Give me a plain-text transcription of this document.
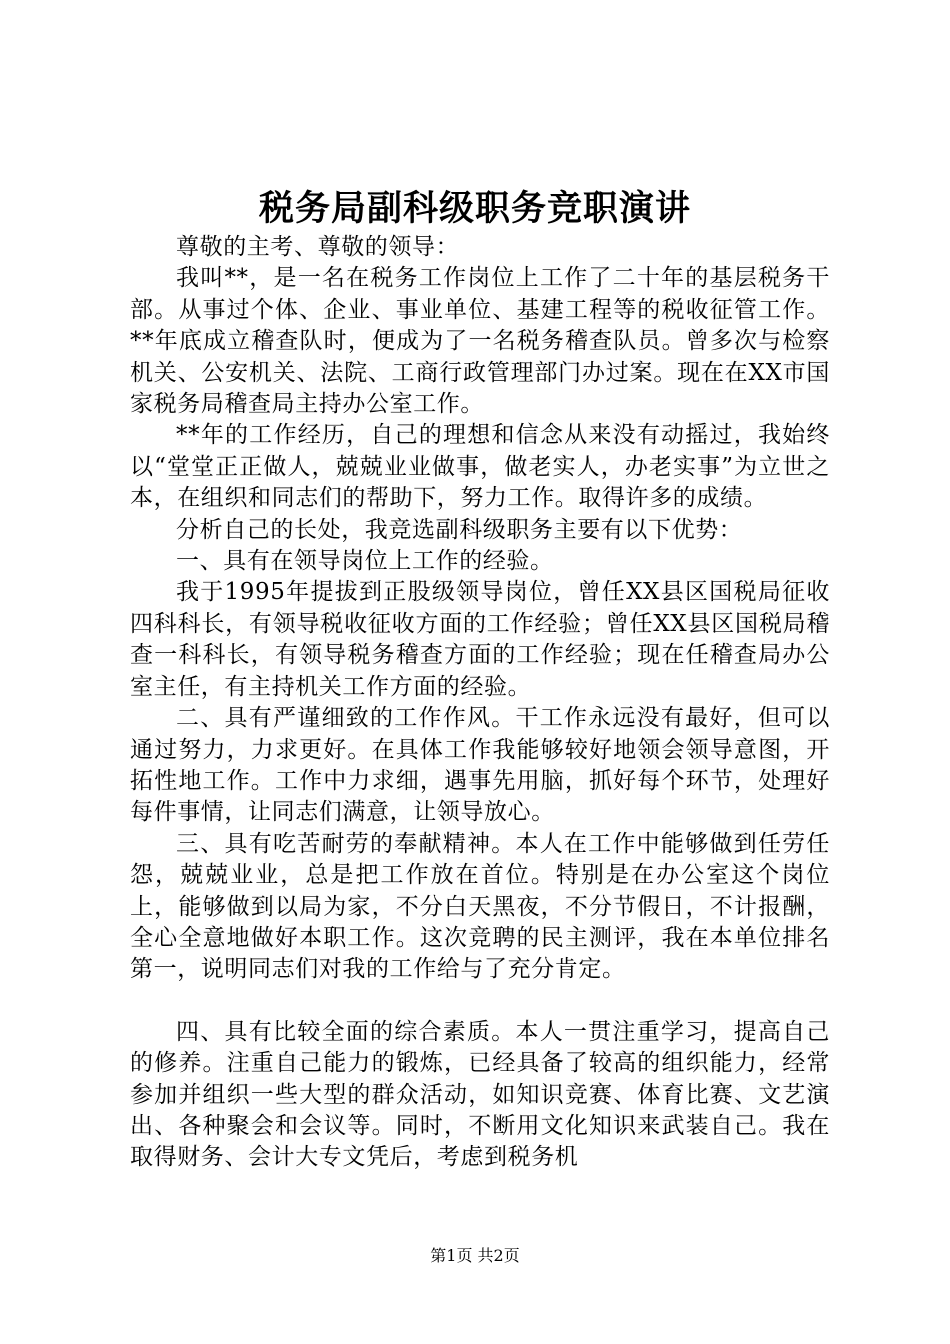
税务局副科级职务竞职演讲

尊敬的主考、尊敬的领导：

我叫**，是一名在税务工作岗位上工作了二十年的基层税务干部。从事过个体、企业、事业单位、基建工程等的税收征管工作。**年底成立稽查队时，便成为了一名税务稽查队员。曾多次与检察机关、公安机关、法院、工商行政管理部门办过案。现在在XX市国家税务局稽查局主持办公室工作。

**年的工作经历，自己的理想和信念从来没有动摇过，我始终以“堂堂正正做人，兢兢业业做事，做老实人，办老实事”为立世之本，在组织和同志们的帮助下，努力工作。取得许多的成绩。

分析自己的长处，我竞选副科级职务主要有以下优势：

一、具有在领导岗位上工作的经验。

我于1995年提拔到正股级领导岗位，曾任XX县区国税局征收四科科长，有领导税收征收方面的工作经验；曾任XX县区国税局稽查一科科长，有领导税务稽查方面的工作经验；现在任稽查局办公室主任，有主持机关工作方面的经验。

二、具有严谨细致的工作作风。干工作永远没有最好，但可以通过努力，力求更好。在具体工作我能够较好地领会领导意图，开拓性地工作。工作中力求细，遇事先用脑，抓好每个环节，处理好每件事情，让同志们满意，让领导放心。

三、具有吃苦耐劳的奉献精神。本人在工作中能够做到任劳任怨，兢兢业业，总是把工作放在首位。特别是在办公室这个岗位上，能够做到以局为家，不分白天黑夜，不分节假日，不计报酬，全心全意地做好本职工作。这次竞聘的民主测评，我在本单位排名第一，说明同志们对我的工作给与了充分肯定。

四、具有比较全面的综合素质。本人一贯注重学习，提高自己的修养。注重自己能力的锻炼，已经具备了较高的组织能力，经常参加并组织一些大型的群众活动，如知识竞赛、体育比赛、文艺演出、各种聚会和会议等。同时，不断用文化知识来武装自己。我在取得财务、会计大专文凭后，考虑到税务机

第1页 共2页
